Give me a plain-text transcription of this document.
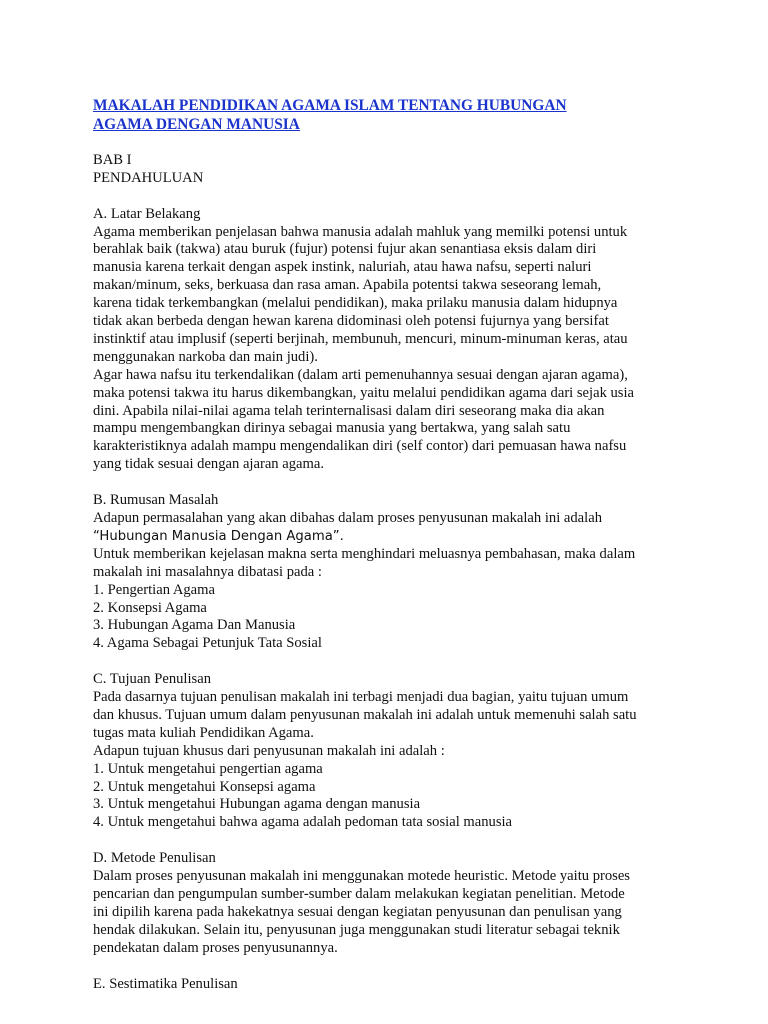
MAKALAH PENDIDIKAN AGAMA ISLAM TENTANG HUBUNGAN
AGAMA DENGAN MANUSIA
BAB I
PENDAHULUAN
A. Latar Belakang
Agama memberikan penjelasan bahwa manusia adalah mahluk yang memilki potensi untuk
berahlak baik (takwa) atau buruk (fujur) potensi fujur akan senantiasa eksis dalam diri
manusia karena terkait dengan aspek instink, naluriah, atau hawa nafsu, seperti naluri
makan/minum, seks, berkuasa dan rasa aman. Apabila potentsi takwa seseorang lemah,
karena tidak terkembangkan (melalui pendidikan), maka prilaku manusia dalam hidupnya
tidak akan berbeda dengan hewan karena didominasi oleh potensi fujurnya yang bersifat
instinktif atau implusif (seperti berjinah, membunuh, mencuri, minum-minuman keras, atau
menggunakan narkoba dan main judi).
Agar hawa nafsu itu terkendalikan (dalam arti pemenuhannya sesuai dengan ajaran agama),
maka potensi takwa itu harus dikembangkan, yaitu melalui pendidikan agama dari sejak usia
dini. Apabila nilai-nilai agama telah terinternalisasi dalam diri seseorang maka dia akan
mampu mengembangkan dirinya sebagai manusia yang bertakwa, yang salah satu
karakteristiknya adalah mampu mengendalikan diri (self contor) dari pemuasan hawa nafsu
yang tidak sesuai dengan ajaran agama.
B. Rumusan Masalah
Adapun permasalahan yang akan dibahas dalam proses penyusunan makalah ini adalah
“Hubungan Manusia Dengan Agama”.
Untuk memberikan kejelasan makna serta menghindari meluasnya pembahasan, maka dalam
makalah ini masalahnya dibatasi pada :
1. Pengertian Agama
2. Konsepsi Agama
3. Hubungan Agama Dan Manusia
4. Agama Sebagai Petunjuk Tata Sosial
C. Tujuan Penulisan
Pada dasarnya tujuan penulisan makalah ini terbagi menjadi dua bagian, yaitu tujuan umum
dan khusus. Tujuan umum dalam penyusunan makalah ini adalah untuk memenuhi salah satu
tugas mata kuliah Pendidikan Agama.
Adapun tujuan khusus dari penyusunan makalah ini adalah :
1. Untuk mengetahui pengertian agama
2. Untuk mengetahui Konsepsi agama
3. Untuk mengetahui Hubungan agama dengan manusia
4. Untuk mengetahui bahwa agama adalah pedoman tata sosial manusia
D. Metode Penulisan
Dalam proses penyusunan makalah ini menggunakan motede heuristic. Metode yaitu proses
pencarian dan pengumpulan sumber-sumber dalam melakukan kegiatan penelitian. Metode
ini dipilih karena pada hakekatnya sesuai dengan kegiatan penyusunan dan penulisan yang
hendak dilakukan. Selain itu, penyusunan juga menggunakan studi literatur sebagai teknik
pendekatan dalam proses penyusunannya.
E. Sestimatika Penulisan
